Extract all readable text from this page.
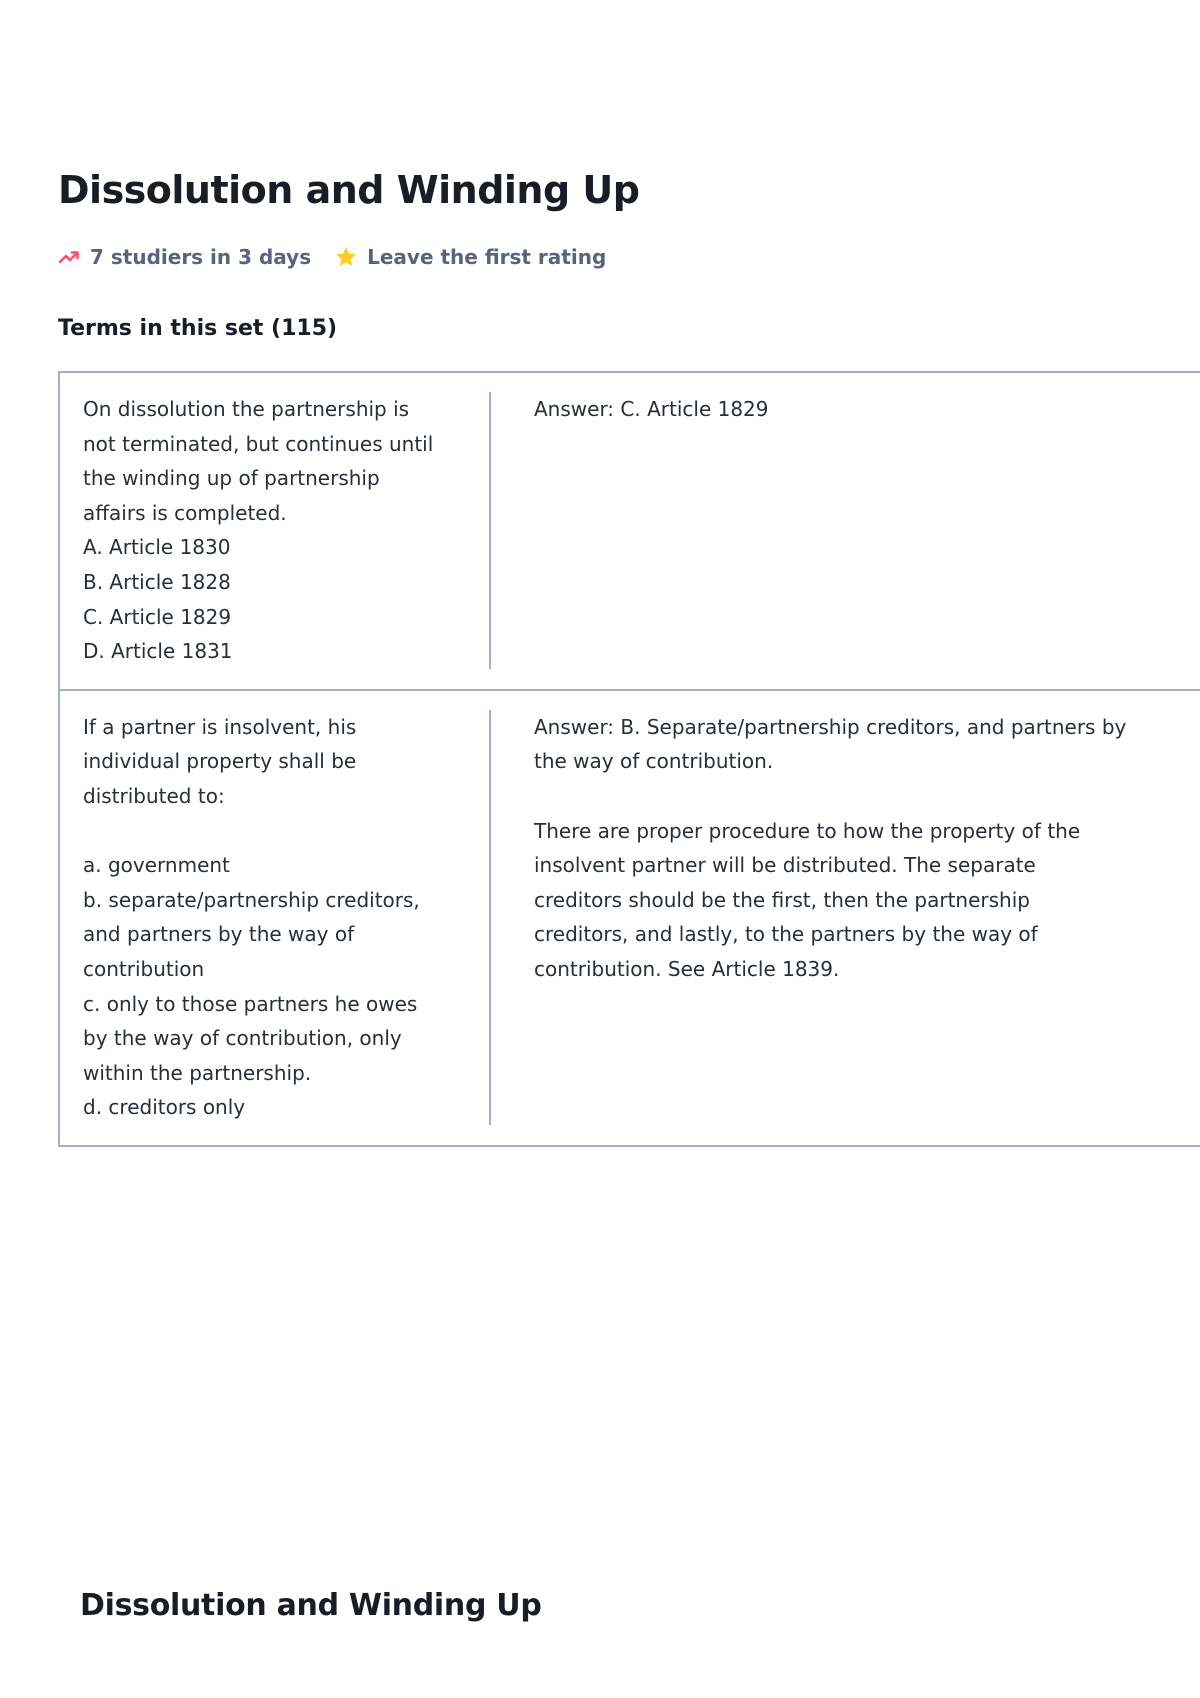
Dissolution and Winding Up
7 studiers in 3 days	Leave the first rating
Terms in this set (115)
On dissolution the partnership is
not terminated, but continues until
the winding up of partnership
affairs is completed.
A. Article 1830
B. Article 1828
C. Article 1829
D. Article 1831
Answer: C. Article 1829
If a partner is insolvent, his
individual property shall be
distributed to:

a. government
b. separate/partnership creditors,
and partners by the way of
contribution
c. only to those partners he owes
by the way of contribution, only
within the partnership.
d. creditors only
Answer: B. Separate/partnership creditors, and partners by
the way of contribution.

There are proper procedure to how the property of the
insolvent partner will be distributed. The separate
creditors should be the first, then the partnership
creditors, and lastly, to the partners by the way of
contribution. See Article 1839.
Dissolution and Winding Up
